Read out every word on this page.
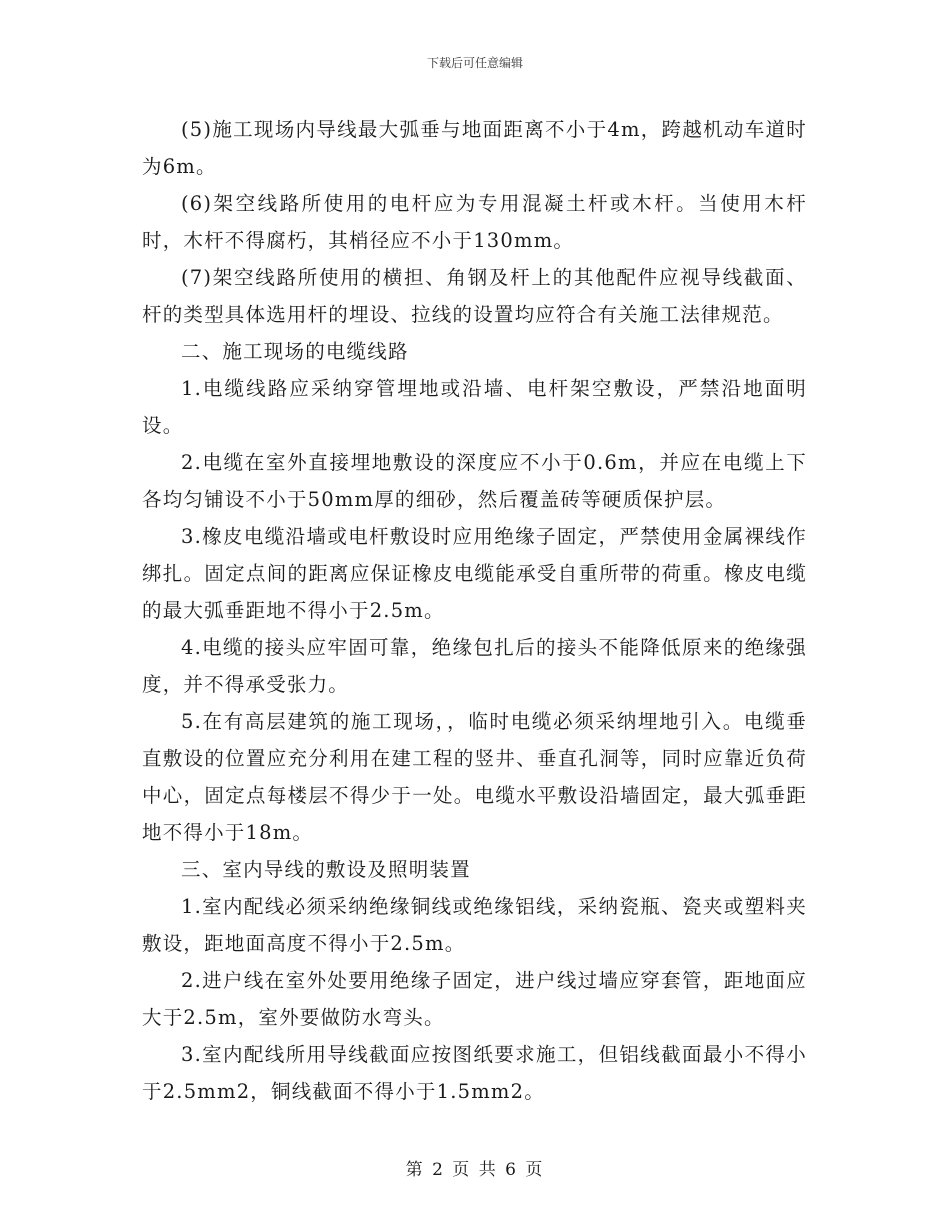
下载后可任意编辑

(5)施工现场内导线最大弧垂与地面距离不小于4m，跨越机动车道时为6m。

(6)架空线路所使用的电杆应为专用混凝土杆或木杆。当使用木杆时，木杆不得腐朽，其梢径应不小于130mm。

(7)架空线路所使用的横担、角钢及杆上的其他配件应视导线截面、杆的类型具体选用杆的埋设、拉线的设置均应符合有关施工法律规范。

二、施工现场的电缆线路

1.电缆线路应采纳穿管埋地或沿墙、电杆架空敷设，严禁沿地面明设。

2.电缆在室外直接埋地敷设的深度应不小于0.6m，并应在电缆上下各均匀铺设不小于50mm厚的细砂，然后覆盖砖等硬质保护层。

3.橡皮电缆沿墙或电杆敷设时应用绝缘子固定，严禁使用金属裸线作绑扎。固定点间的距离应保证橡皮电缆能承受自重所带的荷重。橡皮电缆的最大弧垂距地不得小于2.5m。

4.电缆的接头应牢固可靠，绝缘包扎后的接头不能降低原来的绝缘强度，并不得承受张力。

5.在有高层建筑的施工现场，，临时电缆必须采纳埋地引入。电缆垂直敷设的位置应充分利用在建工程的竖井、垂直孔洞等，同时应靠近负荷中心，固定点每楼层不得少于一处。电缆水平敷设沿墙固定，最大弧垂距地不得小于18m。

三、室内导线的敷设及照明装置

1.室内配线必须采纳绝缘铜线或绝缘铝线，采纳瓷瓶、瓷夹或塑料夹敷设，距地面高度不得小于2.5m。

2.进户线在室外处要用绝缘子固定，进户线过墙应穿套管，距地面应大于2.5m，室外要做防水弯头。

3.室内配线所用导线截面应按图纸要求施工，但铝线截面最小不得小于2.5mm2，铜线截面不得小于1.5mm2。

第 2 页 共 6 页
